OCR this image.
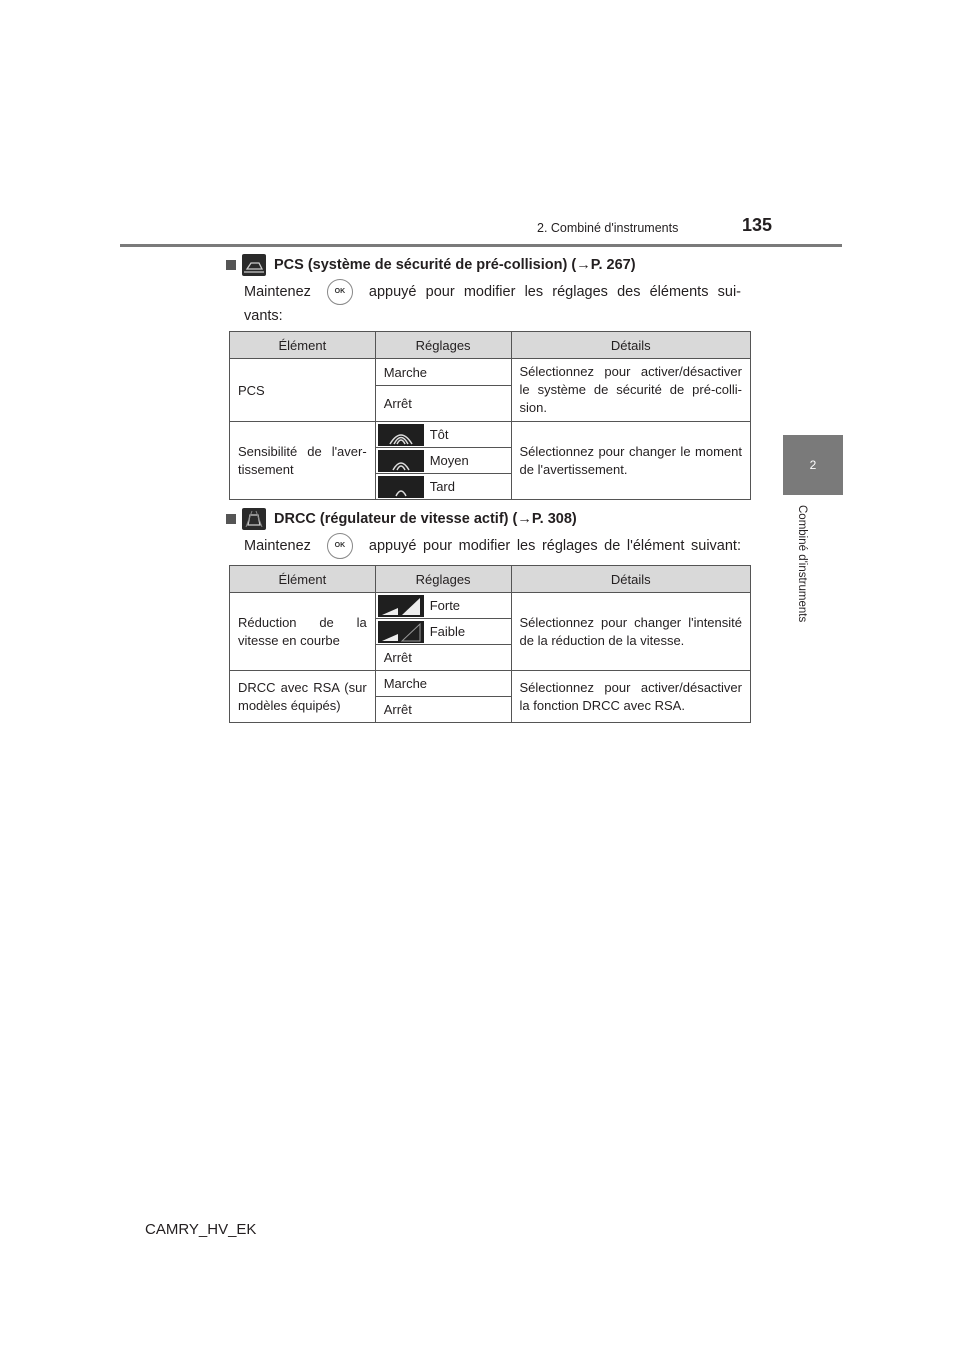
2. Combiné d'instruments	135
2
Combiné d'instruments
PCS (système de sécurité de pré-collision) ( → P. 267)
Maintenez	OK	appuyé pour modifier les réglages des éléments sui-
vants:
Élément	Réglages	Détails
PCS	Marche	Sélectionnez pour activer/désactiver le système de sécurité de pré-colli-sion.
	Arrêt	
Sensibilité de l'aver-tissement	Tôt	Sélectionnez pour changer le moment de l'avertissement.

	Moyen	

	Tard	
DRCC (régulateur de vitesse actif) ( → P. 308)
Maintenez	OK	appuyé pour modifier les réglages de l'élément suivant:
Élément	Réglages	Détails
Réduction de la vitesse en courbe	Forte	Sélectionnez pour changer l'intensité de la réduction de la vitesse.

	Faible	

	Arrêt	
DRCC avec RSA (sur modèles équipés)	Marche	Sélectionnez pour activer/désactiver la fonction DRCC avec RSA.
	Arrêt	
CAMRY_HV_EK
